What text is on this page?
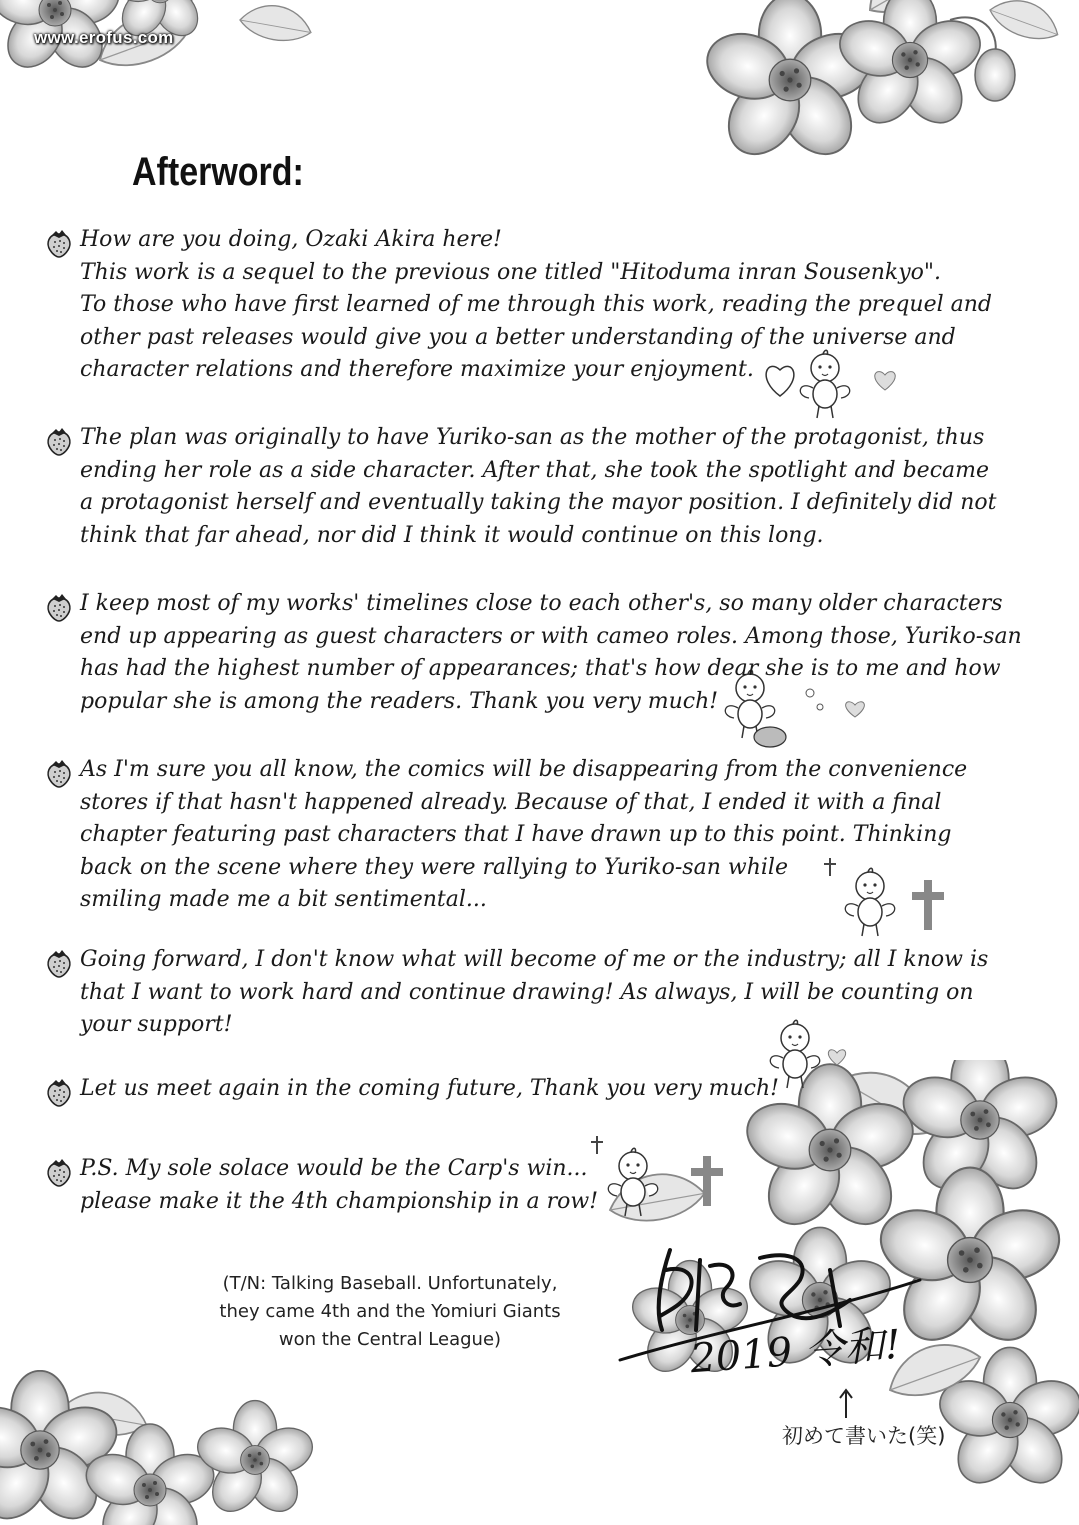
www.erofus.com
Afterword:
How are you doing, Ozaki Akira here!
This work is a sequel to the previous one titled "Hitoduma inran Sousenkyo".
To those who have first learned of me through this work, reading the prequel and
other past releases would give you a better understanding of the universe and
character relations and therefore maximize your enjoyment.
The plan was originally to have Yuriko-san as the mother of the protagonist, thus
ending her role as a side character. After that, she took the spotlight and became
a protagonist herself and eventually taking the mayor position. I definitely did not
think that far ahead, nor did I think it would continue on this long.
I keep most of my works' timelines close to each other's, so many older characters
end up appearing as guest characters or with cameo roles. Among those, Yuriko-san
has had the highest number of appearances; that's how dear she is to me and how
popular she is among the readers. Thank you very much!
As I'm sure you all know, the comics will be disappearing from the convenience
stores if that hasn't happened already. Because of that, I ended it with a final
chapter featuring past characters that I have drawn up to this point. Thinking
back on the scene where they were rallying to Yuriko-san while
smiling made me a bit sentimental...
Going forward, I don't know what will become of me or the industry; all I know is
that I want to work hard and continue drawing! As always, I will be counting on
your support!
Let us meet again in the coming future, Thank you very much!
P.S. My sole solace would be the Carp's win...
please make it the 4th championship in a row!
(T/N: Talking Baseball. Unfortunately,
they came 4th and the Yomiuri Giants
won the Central League)	2019 令和!
初めて書いた(笑)
